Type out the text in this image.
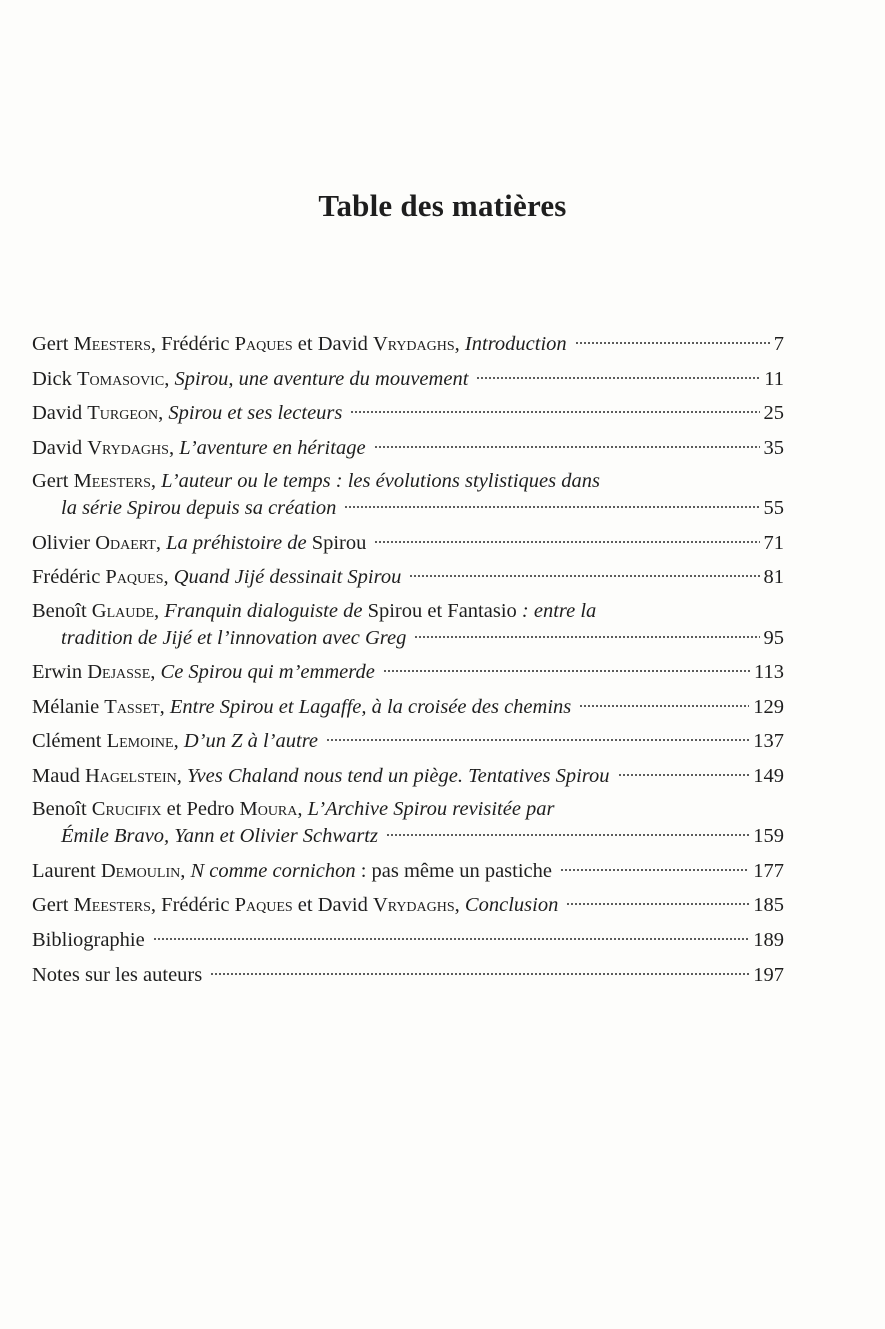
Table des matières
Gert Meesters, Frédéric Paques et David Vrydaghs, Introduction	7
Dick Tomasovic, Spirou, une aventure du mouvement	11
David Turgeon, Spirou et ses lecteurs	25
David Vrydaghs, L’aventure en héritage	35
Gert Meesters, L’auteur ou le temps : les évolutions stylistiques dans
la série Spirou depuis sa création	55
Olivier Odaert, La préhistoire de Spirou	71
Frédéric Paques, Quand Jijé dessinait Spirou	81
Benoît Glaude, Franquin dialoguiste de Spirou et Fantasio : entre la
tradition de Jijé et l’innovation avec Greg	95
Erwin Dejasse, Ce Spirou qui m’emmerde	113
Mélanie Tasset, Entre Spirou et Lagaffe, à la croisée des chemins	129
Clément Lemoine, D’un Z à l’autre	137
Maud Hagelstein, Yves Chaland nous tend un piège. Tentatives Spirou	149
Benoît Crucifix et Pedro Moura, L’Archive Spirou revisitée par
Émile Bravo, Yann et Olivier Schwartz	159
Laurent Demoulin, N comme cornichon : pas même un pastiche	177
Gert Meesters, Frédéric Paques et David Vrydaghs, Conclusion	185
Bibliographie	189
Notes sur les auteurs	197
